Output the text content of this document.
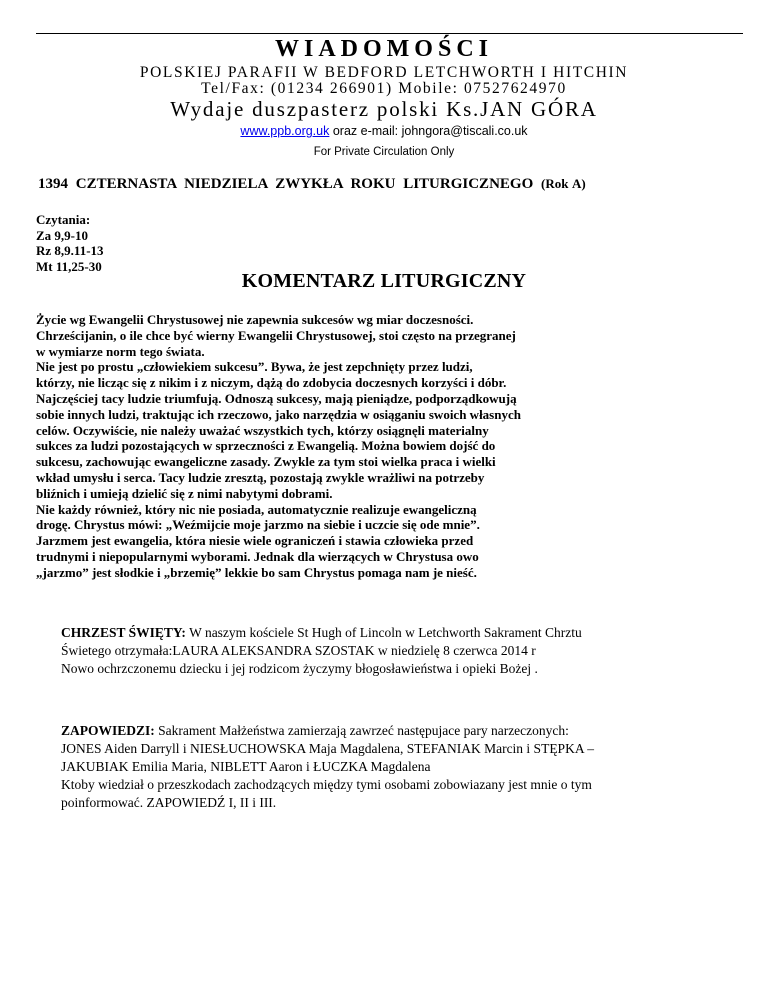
WIADOMOŚCI
POLSKIEJ PARAFII W BEDFORD LETCHWORTH I HITCHIN
Tel/Fax: (01234 266901) Mobile: 07527624970
Wydaje duszpasterz polski Ks.JAN GÓRA
www.ppb.org.uk oraz e-mail: johngora@tiscali.co.uk
For Private Circulation Only
1394 CZTERNASTA NIEDZIELA ZWYKŁA ROKU LITURGICZNEGO (Rok A)
Czytania:
Za 9,9-10
Rz 8,9.11-13
Mt 11,25-30
KOMENTARZ LITURGICZNY
Życie wg Ewangelii Chrystusowej nie zapewnia sukcesów wg miar doczesności.
Chrześcijanin, o ile chce być wierny Ewangelii Chrystusowej, stoi często na przegranej
w wymiarze norm tego świata.
Nie jest po prostu „człowiekiem sukcesu”. Bywa, że jest zepchnięty przez ludzi,
którzy, nie licząc się z nikim i z niczym, dążą do zdobycia doczesnych korzyści i dóbr.
Najczęściej tacy ludzie triumfują. Odnoszą sukcesy, mają pieniądze, podporządkowują
sobie innych ludzi, traktując ich rzeczowo, jako narzędzia w osiąganiu swoich własnych
celów. Oczywiście, nie należy uważać wszystkich tych, którzy osiągnęli materialny
sukces za ludzi pozostających w sprzeczności z Ewangelią. Można bowiem dojść do
sukcesu, zachowując ewangeliczne zasady. Zwykle za tym stoi wielka praca i wielki
wkład umysłu i serca. Tacy ludzie zresztą, pozostają zwykle wrażliwi na potrzeby
bliźnich i umieją dzielić się z nimi nabytymi dobrami.
Nie każdy również, który nic nie posiada, automatycznie realizuje ewangeliczną
drogę. Chrystus mówi: „Weźmijcie moje jarzmo na siebie i uczcie się ode mnie”.
Jarzmem jest ewangelia, która niesie wiele ograniczeń i stawia człowieka przed
trudnymi i niepopularnymi wyborami. Jednak dla wierzących w Chrystusa owo
„jarzmo” jest słodkie i „brzemię” lekkie bo sam Chrystus pomaga nam je nieść.
CHRZEST ŚWIĘTY: W naszym kościele St Hugh of Lincoln w Letchworth Sakrament Chrztu
Świetego otrzymała:LAURA ALEKSANDRA SZOSTAK w niedzielę 8 czerwca 2014 r
Nowo ochrzczonemu dziecku i jej rodzicom życzymy błogosławieństwa i opieki Bożej .
ZAPOWIEDZI: Sakrament Małżeństwa zamierzają zawrzeć następujace pary narzeczonych:
JONES Aiden Darryll i NIESŁUCHOWSKA Maja Magdalena, STEFANIAK Marcin i STĘPKA –
JAKUBIAK Emilia Maria, NIBLETT Aaron i ŁUCZKA Magdalena
Ktoby wiedział o przeszkodach zachodzących między tymi osobami zobowiazany jest mnie o tym
poinformować. ZAPOWIEDŹ I, II i III.
